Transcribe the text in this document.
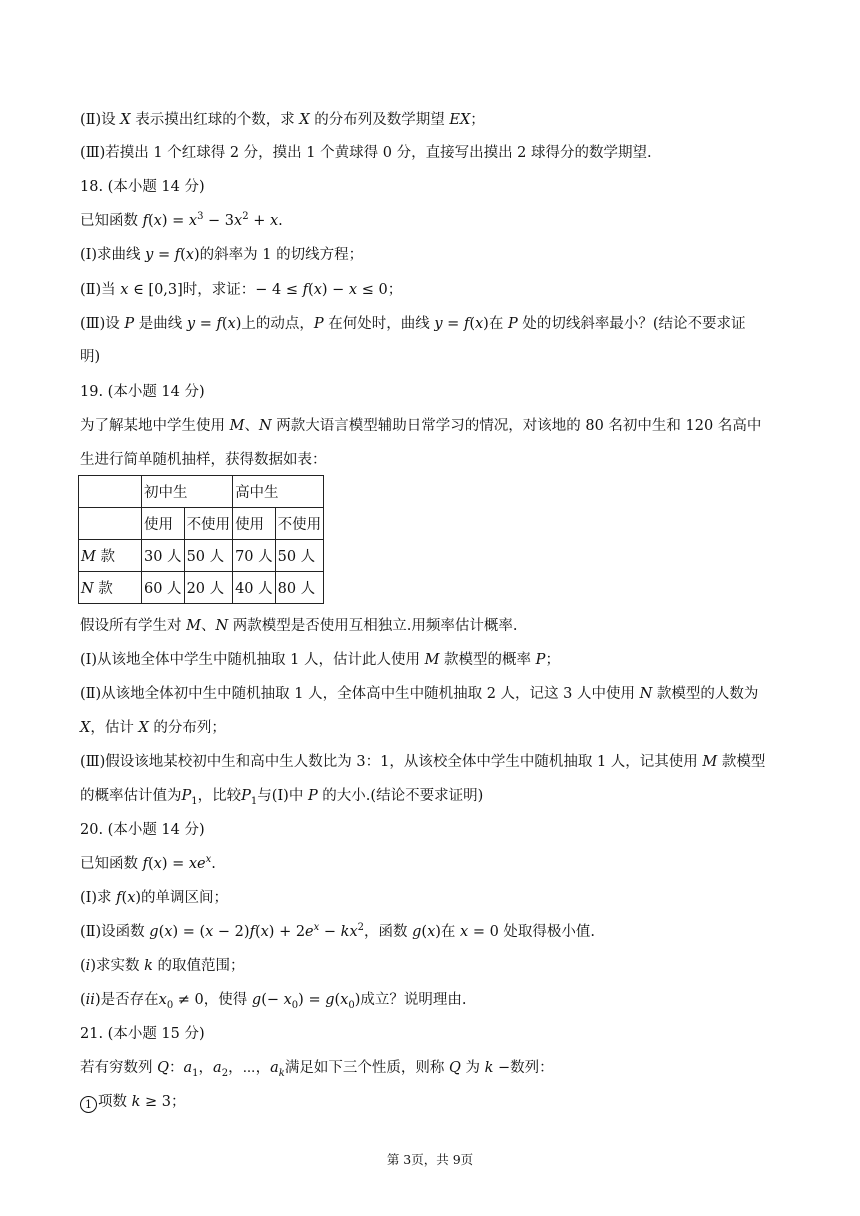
(Ⅱ)设 X 表示摸出红球的个数，求 X 的分布列及数学期望 EX；
(Ⅲ)若摸出 1 个红球得 2 分，摸出 1 个黄球得 0 分，直接写出摸出 2 球得分的数学期望.
18. (本小题 14 分)
已知函数 $f(x) = x^3 - 3x^2 + x$.
(Ⅰ)求曲线 y = f(x)的斜率为 1 的切线方程；
(Ⅱ)当 x ∈ [0,3]时，求证：− 4 ≤ f(x) − x ≤ 0；
(Ⅲ)设 P 是曲线 y = f(x)上的动点，P 在何处时，曲线 y = f(x)在 P 处的切线斜率最小？(结论不要求证
明)
19. (本小题 14 分)
为了解某地中学生使用 M、N 两款大语言模型辅助日常学习的情况，对该地的 80 名初中生和 120 名高中
生进行简单随机抽样，获得数据如表：
	初中生		高中生	
	使用	不使用	使用	不使用
M 款	30 人	50 人	70 人	50 人
N 款	60 人	20 人	40 人	80 人
假设所有学生对 M、N 两款模型是否使用互相独立.用频率估计概率.
(Ⅰ)从该地全体中学生中随机抽取 1 人，估计此人使用 M 款模型的概率 P；
(Ⅱ)从该地全体初中生中随机抽取 1 人，全体高中生中随机抽取 2 人，记这 3 人中使用 N 款模型的人数为
X，估计 X 的分布列；
(Ⅲ)假设该地某校初中生和高中生人数比为 3：1，从该校全体中学生中随机抽取 1 人，记其使用 M 款模型
的概率估计值为$P_1$，比较$P_1$与(Ⅰ)中 P 的大小.(结论不要求证明)
20. (本小题 14 分)
已知函数 $f(x) = xe^x$.
(Ⅰ)求 f(x)的单调区间；
(Ⅱ)设函数 $g(x) = (x - 2)f(x) + 2e^x - kx^2$，函数 g(x)在 x = 0 处取得极小值.
(i)求实数 k 的取值范围；
(ii)是否存在$x_0 \ne 0$，使得 $g(- x_0) = g(x_0)$成立？说明理由.
21. (本小题 15 分)
若有穷数列 Q：$a_1$，$a_2$，⋯，$a_k$满足如下三个性质，则称 Q 为 k −数列：
1 项数 k ≥ 3；
第 3页，共 9页
